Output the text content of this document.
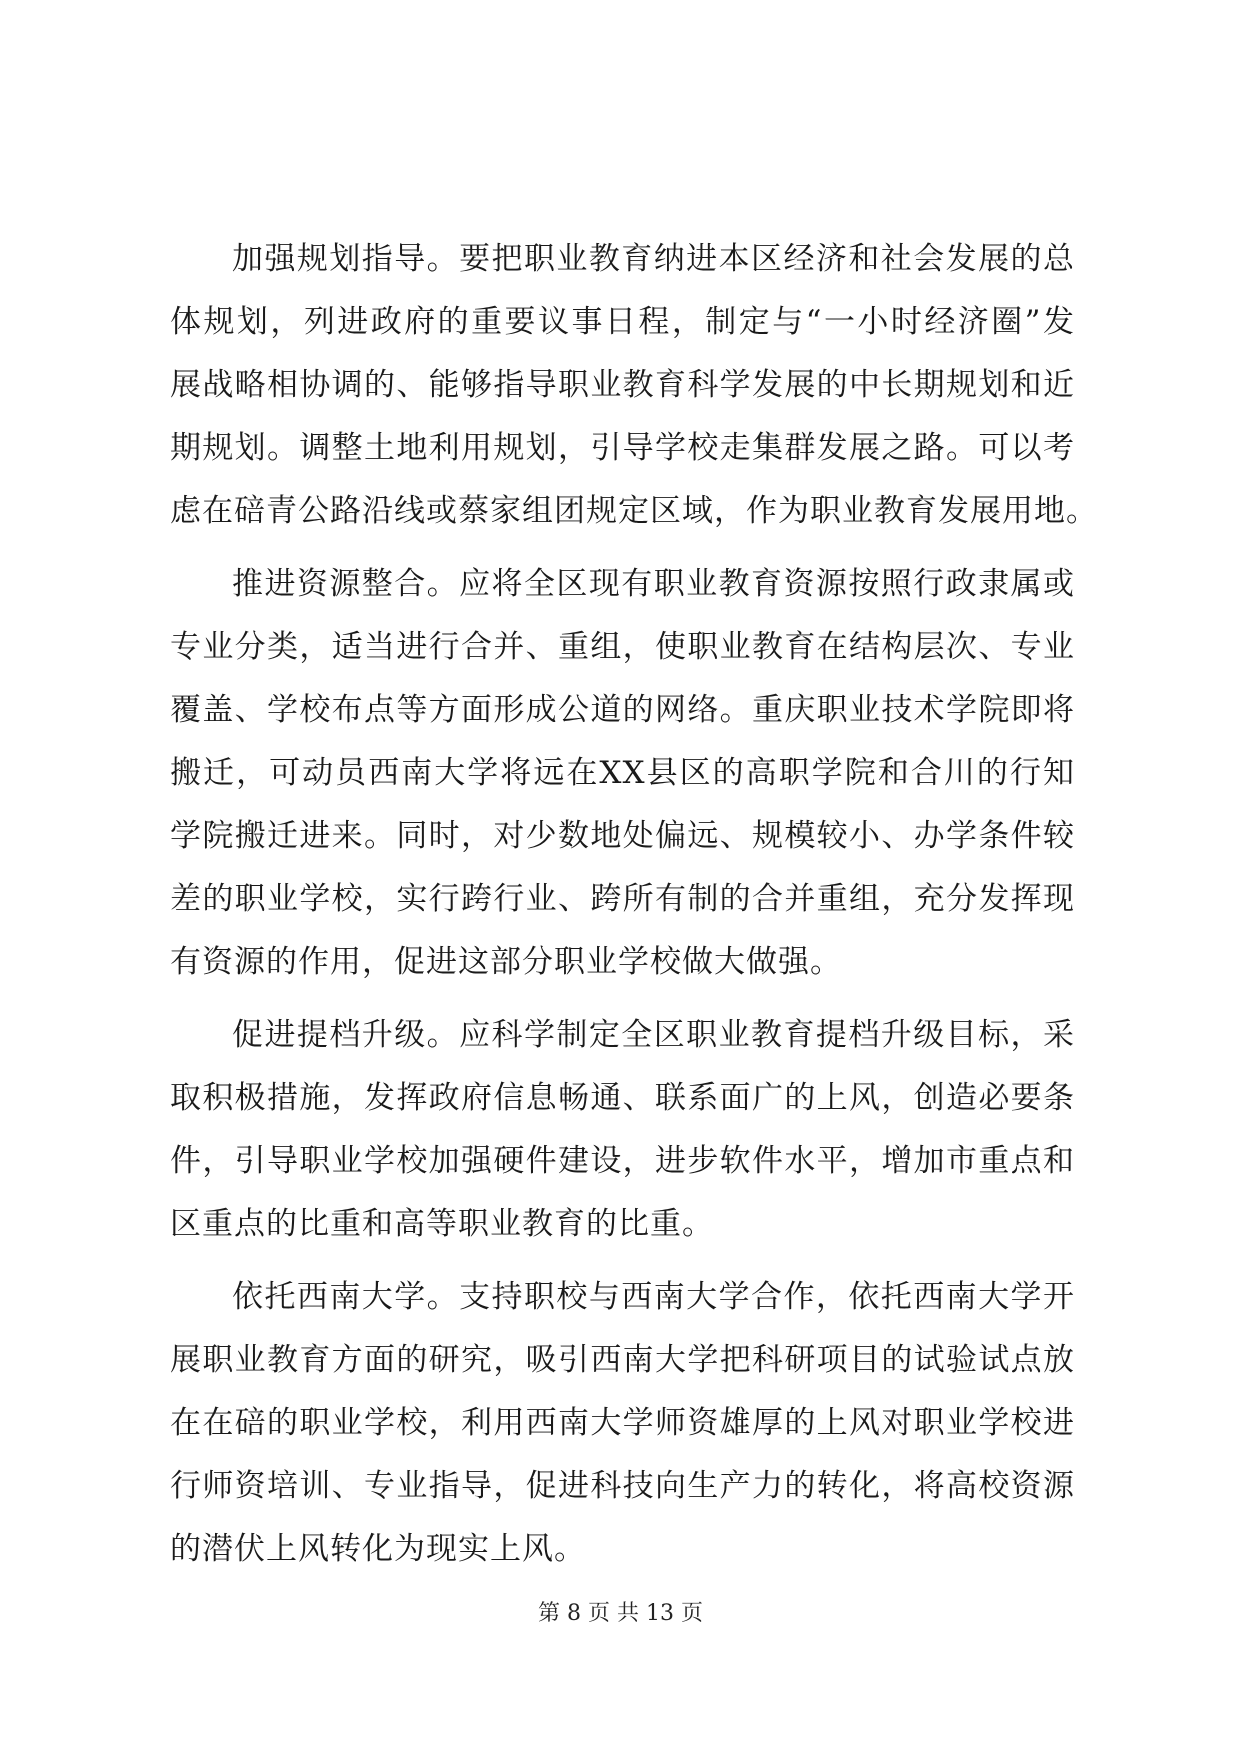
加强规划指导。要把职业教育纳进本区经济和社会发展的总
体规划，列进政府的重要议事日程，制定与“一小时经济圈”发
展战略相协调的、能够指导职业教育科学发展的中长期规划和近
期规划。调整土地利用规划，引导学校走集群发展之路。可以考
虑在碚青公路沿线或蔡家组团规定区域，作为职业教育发展用地。
推进资源整合。应将全区现有职业教育资源按照行政隶属或
专业分类，适当进行合并、重组，使职业教育在结构层次、专业
覆盖、学校布点等方面形成公道的网络。重庆职业技术学院即将
搬迁，可动员西南大学将远在XX县区的高职学院和合川的行知
学院搬迁进来。同时，对少数地处偏远、规模较小、办学条件较
差的职业学校，实行跨行业、跨所有制的合并重组，充分发挥现
有资源的作用，促进这部分职业学校做大做强。
促进提档升级。应科学制定全区职业教育提档升级目标，采
取积极措施，发挥政府信息畅通、联系面广的上风，创造必要条
件，引导职业学校加强硬件建设，进步软件水平，增加市重点和
区重点的比重和高等职业教育的比重。
依托西南大学。支持职校与西南大学合作，依托西南大学开
展职业教育方面的研究，吸引西南大学把科研项目的试验试点放
在在碚的职业学校，利用西南大学师资雄厚的上风对职业学校进
行师资培训、专业指导，促进科技向生产力的转化，将高校资源
的潜伏上风转化为现实上风。
第 8 页 共 13 页
